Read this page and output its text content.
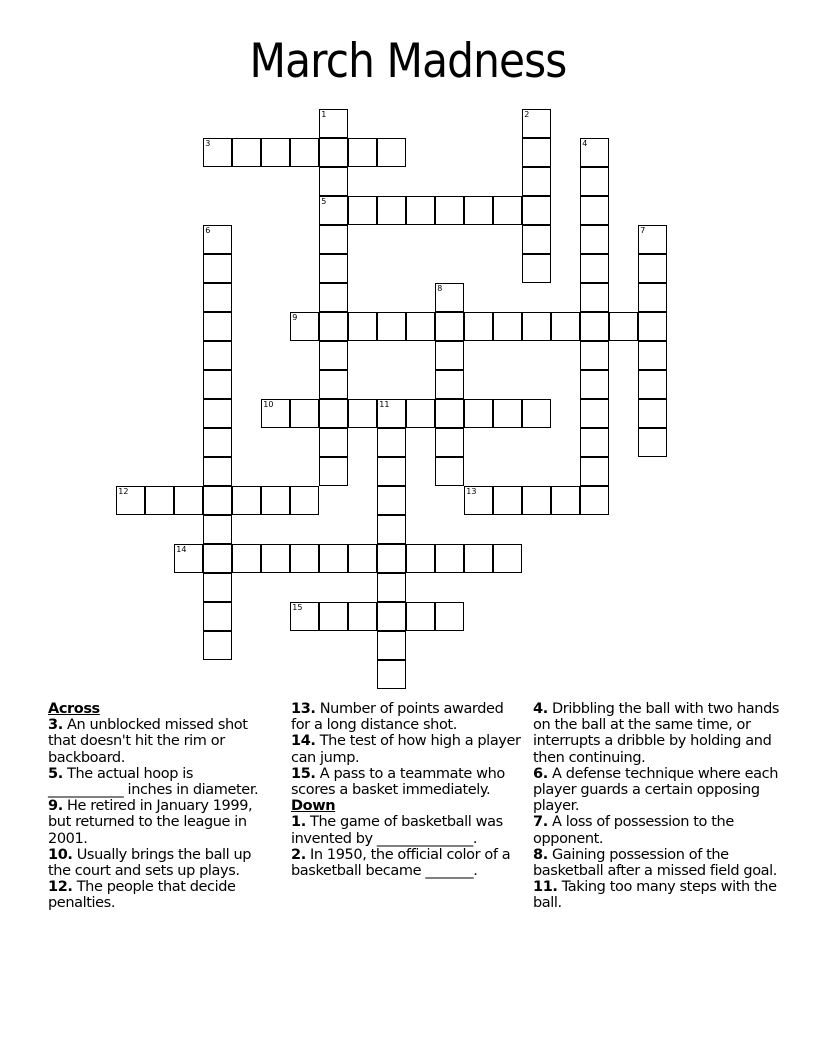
March Madness
1
5
2
3	4
6	7
8
9
10	11
12	13
14
15
Across

3. An unblocked missed shot that doesn't hit the rim or backboard.

5. The actual hoop is ___________ inches in diameter.

9. He retired in January 1999, but returned to the league in 2001.

10. Usually brings the ball up the court and sets up plays.

12. The people that decide penalties.

13. Number of points awarded for a long distance shot.

14. The test of how high a player can jump.

15. A pass to a teammate who scores a basket immediately.

Down

1. The game of basketball was invented by ______________.

2. In 1950, the official color of a basketball became _______.

4. Dribbling the ball with two hands on the ball at the same time, or interrupts a dribble by holding and then continuing.

6. A defense technique where each player guards a certain opposing player.

7. A loss of possession to the opponent.

8. Gaining possession of the basketball after a missed field goal.

11. Taking too many steps with the ball.
